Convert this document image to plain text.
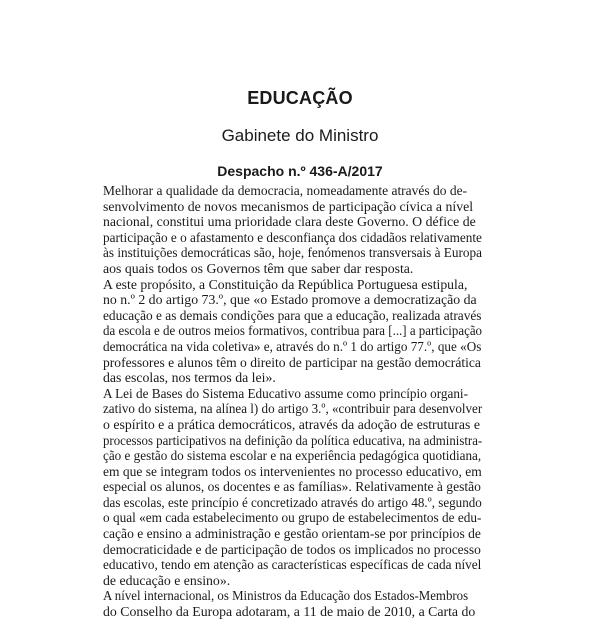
EDUCAÇÃO
Gabinete do Ministro
Despacho n.º 436-A/2017

Melhorar a qualidade da democracia, nomeadamente através do de-
senvolvimento de novos mecanismos de participação cívica a nível
nacional, constitui uma prioridade clara deste Governo. O défice de
participação e o afastamento e desconfiança dos cidadãos relativamente
às instituições democráticas são, hoje, fenómenos transversais à Europa
aos quais todos os Governos têm que saber dar resposta.

A este propósito, a Constituição da República Portuguesa estipula,
no n.º 2 do artigo 73.º, que «o Estado promove a democratização da
educação e as demais condições para que a educação, realizada através
da escola e de outros meios formativos, contribua para [...] a participação
democrática na vida coletiva» e, através do n.º 1 do artigo 77.º, que «Os
professores e alunos têm o direito de participar na gestão democrática
das escolas, nos termos da lei».

A Lei de Bases do Sistema Educativo assume como princípio organi-
zativo do sistema, na alínea l) do artigo 3.º, «contribuir para desenvolver
o espírito e a prática democráticos, através da adoção de estruturas e
processos participativos na definição da política educativa, na administra-
ção e gestão do sistema escolar e na experiência pedagógica quotidiana,
em que se integram todos os intervenientes no processo educativo, em
especial os alunos, os docentes e as famílias». Relativamente à gestão
das escolas, este princípio é concretizado através do artigo 48.º, segundo
o qual «em cada estabelecimento ou grupo de estabelecimentos de edu-
cação e ensino a administração e gestão orientam-se por princípios de
democraticidade e de participação de todos os implicados no processo
educativo, tendo em atenção as características específicas de cada nível
de educação e ensino».

A nível internacional, os Ministros da Educação dos Estados-Membros
do Conselho da Europa adotaram, a 11 de maio de 2010, a Carta do
